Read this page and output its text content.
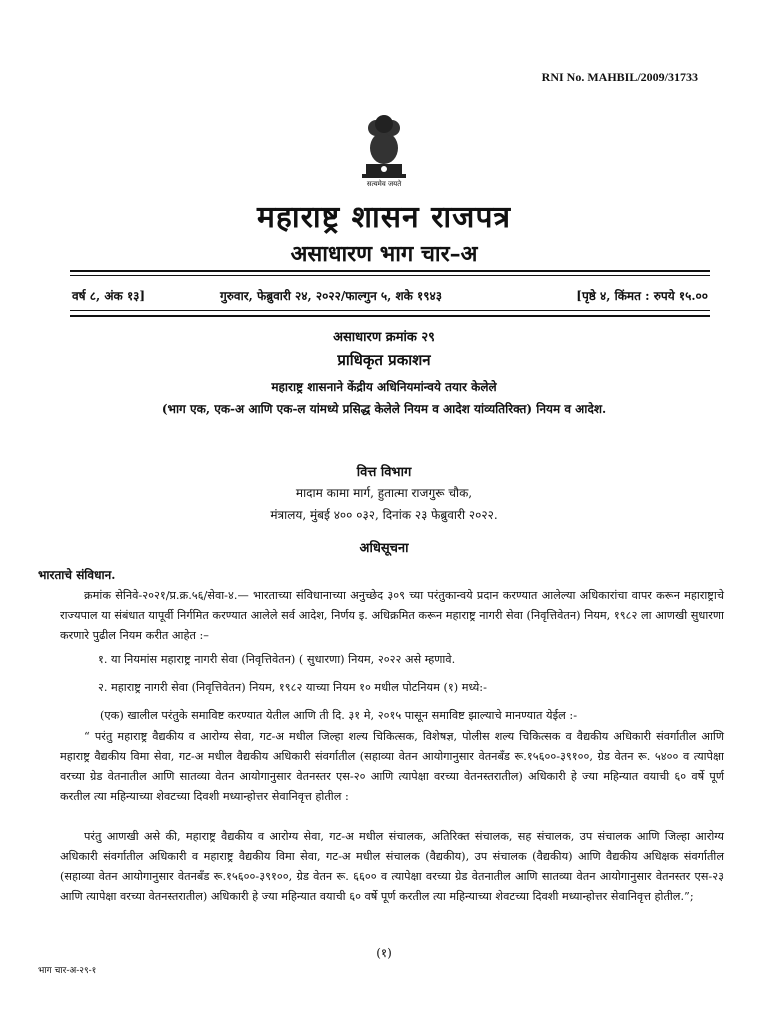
RNI No. MAHBIL/2009/31733
सत्यमेव जयते
महाराष्ट्र शासन राजपत्र
असाधारण भाग चार–अ
वर्ष ८, अंक १३]	गुरुवार, फेब्रुवारी २४, २०२२/फाल्गुन ५, शके १९४३	[पृष्ठे ४, किंमत : रुपये १५.००
असाधारण क्रमांक २९
प्राधिकृत प्रकाशन
महाराष्ट्र शासनाने केंद्रीय अधिनियमांन्वये तयार केलेले
(भाग एक, एक-अ आणि एक-ल यांमध्ये प्रसिद्ध केलेले नियम व आदेश यांव्यतिरिक्त) नियम व आदेश.
वित्त विभाग
मादाम कामा मार्ग, हुतात्मा राजगुरू चौक,
मंत्रालय, मुंबई ४०० ०३२, दिनांक २३ फेब्रुवारी २०२२.
अधिसूचना
भारताचे संविधान.
क्रमांक सेनिवे-२०२१/प्र.क्र.५६/सेवा-४.— भारताच्या संविधानाच्या अनुच्छेद ३०९ च्या परंतुकान्वये प्रदान करण्यात आलेल्या अधिकारांचा वापर करून महाराष्ट्राचे राज्यपाल या संबंधात यापूर्वी निर्गमित करण्यात आलेले सर्व आदेश, निर्णय इ. अधिक्रमित करून महाराष्ट्र नागरी सेवा (निवृत्तिवेतन) नियम, १९८२ ला आणखी सुधारणा करणारे पुढील नियम करीत आहेत :–
१. या नियमांस महाराष्ट्र नागरी सेवा (निवृत्तिवेतन) ( सुधारणा) नियम, २०२२ असे म्हणावे.
२. महाराष्ट्र नागरी सेवा (निवृत्तिवेतन) नियम, १९८२ याच्या नियम १० मधील पोटनियम (१) मध्ये:-
(एक) खालील परंतुके समाविष्ट करण्यात येतील आणि ती दि. ३१ मे, २०१५ पासून समाविष्ट झाल्याचे मानण्यात येईल :-
“ परंतु महाराष्ट्र वैद्यकीय व आरोग्य सेवा, गट-अ मधील जिल्हा शल्य चिकित्सक, विशेषज्ञ, पोलीस शल्य चिकित्सक व वैद्यकीय अधिकारी संवर्गातील आणि महाराष्ट्र वैद्यकीय विमा सेवा, गट-अ मधील वैद्यकीय अधिकारी संवर्गातील (सहाव्या वेतन आयोगानुसार वेतनबँड रू.१५६००-३९१००, ग्रेड वेतन रू. ५४०० व त्यापेक्षा वरच्या ग्रेड वेतनातील आणि सातव्या वेतन आयोगानुसार वेतनस्तर एस-२० आणि त्यापेक्षा वरच्या वेतनस्तरातील) अधिकारी हे ज्या महिन्यात वयाची ६० वर्षे पूर्ण करतील त्या महिन्याच्या शेवटच्या दिवशी मध्यान्होत्तर सेवानिवृत्त होतील :
परंतु आणखी असे की, महाराष्ट्र वैद्यकीय व आरोग्य सेवा, गट-अ मधील संचालक, अतिरिक्त संचालक, सह संचालक, उप संचालक आणि जिल्हा आरोग्य अधिकारी संवर्गातील अधिकारी व महाराष्ट्र वैद्यकीय विमा सेवा, गट-अ मधील संचालक (वैद्यकीय), उप संचालक (वैद्यकीय) आणि वैद्यकीय अधिक्षक संवर्गातील (सहाव्या वेतन आयोगानुसार वेतनबँड रू.१५६००-३९१००, ग्रेड वेतन रू. ६६०० व त्यापेक्षा वरच्या ग्रेड वेतनातील आणि सातव्या वेतन आयोगानुसार वेतनस्तर एस-२३ आणि त्यापेक्षा वरच्या वेतनस्तरातील) अधिकारी हे ज्या महिन्यात वयाची ६० वर्षे पूर्ण करतील त्या महिन्याच्या शेवटच्या दिवशी मध्यान्होत्तर सेवानिवृत्त होतील.”;
(१)
भाग चार-अ-२९-१
